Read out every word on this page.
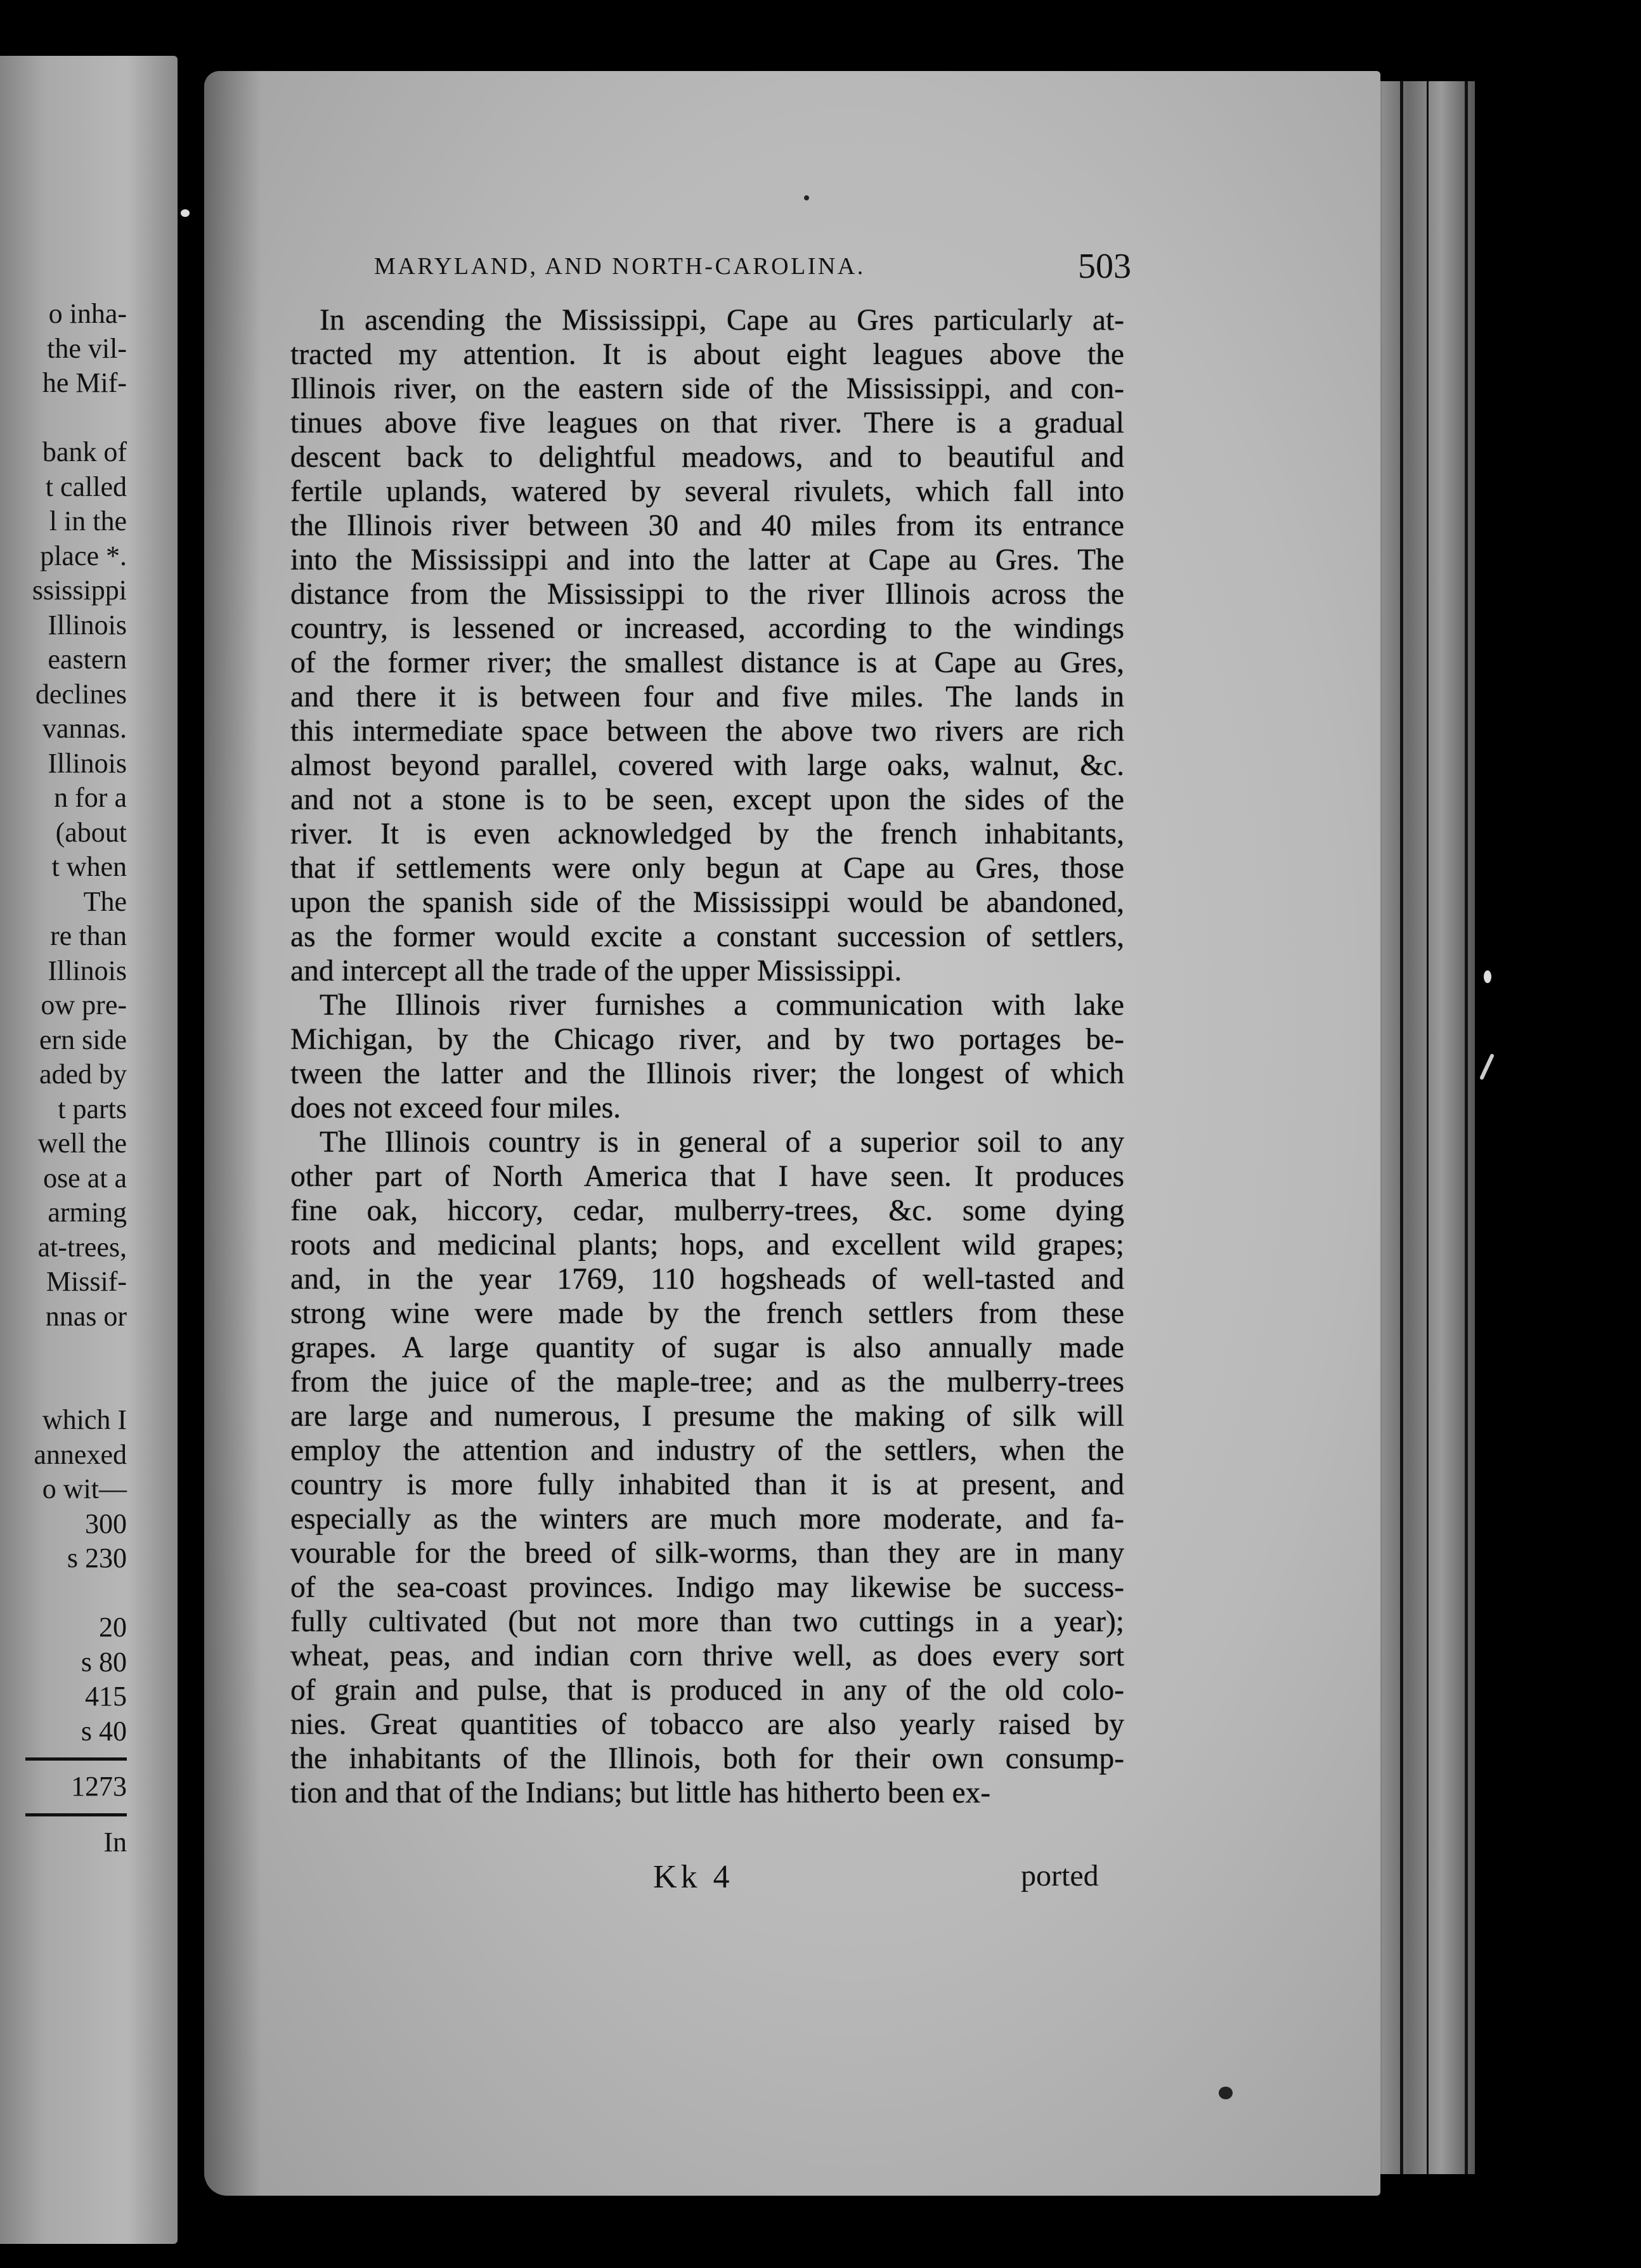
o inha-
the vil-
he Mif-

bank of
t called
l in the
place *.
ssissippi
Illinois
eastern
declines
vannas.
Illinois
n for a
(about
t when
The
re than
Illinois
ow pre-
ern side
aded by
t parts
well the
ose at a
arming
at-trees,
Missif-
nnas or

which I
annexed
o wit—
300
s 230

20
s 80
415
s 40
1273
In
MARYLAND, AND NORTH-CAROLINA.	503
In ascending the Mississippi, Cape au Gres particularly at-
tracted my attention. It is about eight leagues above the
Illinois river, on the eastern side of the Mississippi, and con-
tinues above five leagues on that river. There is a gradual
descent back to delightful meadows, and to beautiful and
fertile uplands, watered by several rivulets, which fall into
the Illinois river between 30 and 40 miles from its entrance
into the Mississippi and into the latter at Cape au Gres. The
distance from the Mississippi to the river Illinois across the
country, is lessened or increased, according to the windings
of the former river; the smallest distance is at Cape au Gres,
and there it is between four and five miles. The lands in
this intermediate space between the above two rivers are rich
almost beyond parallel, covered with large oaks, walnut, &c.
and not a stone is to be seen, except upon the sides of the
river. It is even acknowledged by the french inhabitants,
that if settlements were only begun at Cape au Gres, those
upon the spanish side of the Mississippi would be abandoned,
as the former would excite a constant succession of settlers,
and intercept all the trade of the upper Mississippi.
The Illinois river furnishes a communication with lake
Michigan, by the Chicago river, and by two portages be-
tween the latter and the Illinois river; the longest of which
does not exceed four miles.
The Illinois country is in general of a superior soil to any
other part of North America that I have seen. It produces
fine oak, hiccory, cedar, mulberry-trees, &c. some dying
roots and medicinal plants; hops, and excellent wild grapes;
and, in the year 1769, 110 hogsheads of well-tasted and
strong wine were made by the french settlers from these
grapes. A large quantity of sugar is also annually made
from the juice of the maple-tree; and as the mulberry-trees
are large and numerous, I presume the making of silk will
employ the attention and industry of the settlers, when the
country is more fully inhabited than it is at present, and
especially as the winters are much more moderate, and fa-
vourable for the breed of silk-worms, than they are in many
of the sea-coast provinces. Indigo may likewise be success-
fully cultivated (but not more than two cuttings in a year);
wheat, peas, and indian corn thrive well, as does every sort
of grain and pulse, that is produced in any of the old colo-
nies. Great quantities of tobacco are also yearly raised by
the inhabitants of the Illinois, both for their own consump-
tion and that of the Indians; but little has hitherto been ex-
Kk 4	ported
